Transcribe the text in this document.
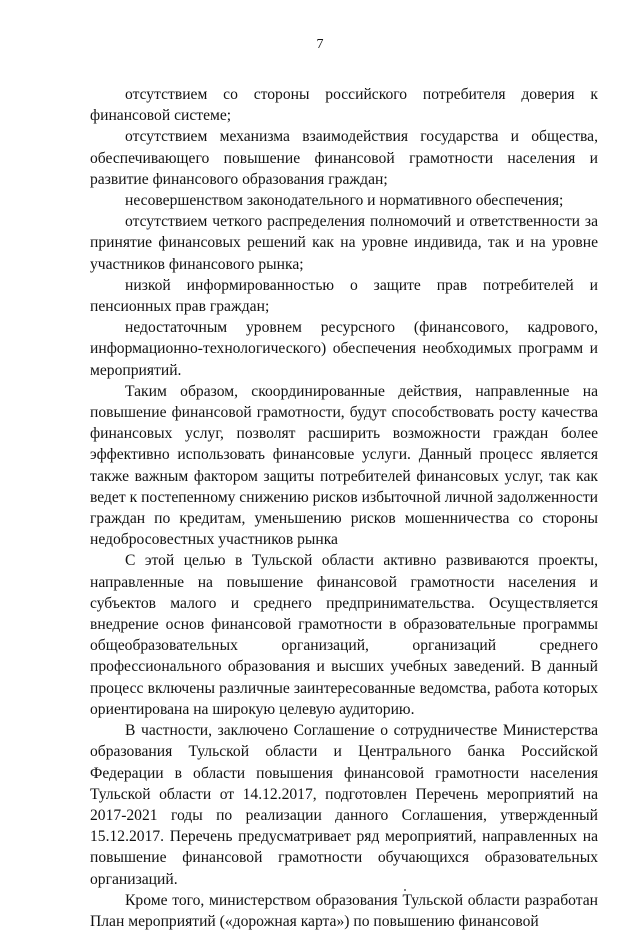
7

отсутствием со стороны российского потребителя доверия к финансовой системе;

отсутствием механизма взаимодействия государства и общества, обеспечивающего повышение финансовой грамотности населения и развитие финансового образования граждан;

несовершенством законодательного и нормативного обеспечения;

отсутствием четкого распределения полномочий и ответственности за принятие финансовых решений как на уровне индивида, так и на уровне участников финансового рынка;

низкой информированностью о защите прав потребителей и пенсионных прав граждан;

недостаточным уровнем ресурсного (финансового, кадрового, информационно-технологического) обеспечения необходимых программ и мероприятий.

Таким образом, скоординированные действия, направленные на повышение финансовой грамотности, будут способствовать росту качества финансовых услуг, позволят расширить возможности граждан более эффективно использовать финансовые услуги. Данный процесс является также важным фактором защиты потребителей финансовых услуг, так как ведет к постепенному снижению рисков избыточной личной задолженности граждан по кредитам, уменьшению рисков мошенничества со стороны недобросовестных участников рынка

С этой целью в Тульской области активно развиваются проекты, направленные на повышение финансовой грамотности населения и субъектов малого и среднего предпринимательства. Осуществляется внедрение основ финансовой грамотности в образовательные программы общеобразовательных организаций, организаций среднего профессионального образования и высших учебных заведений. В данный процесс включены различные заинтересованные ведомства, работа которых ориентирована на широкую целевую аудиторию.

В частности, заключено Соглашение о сотрудничестве Министерства образования Тульской области и Центрального банка Российской Федерации в области повышения финансовой грамотности населения Тульской области от 14.12.2017, подготовлен Перечень мероприятий на 2017-2021 годы по реализации данного Соглашения, утвержденный 15.12.2017. Перечень предусматривает ряд мероприятий, направленных на повышение финансовой грамотности обучающихся образовательных организаций.

Кроме того, министерством образования Тульской области разработан План мероприятий («дорожная карта») по повышению финансовой
